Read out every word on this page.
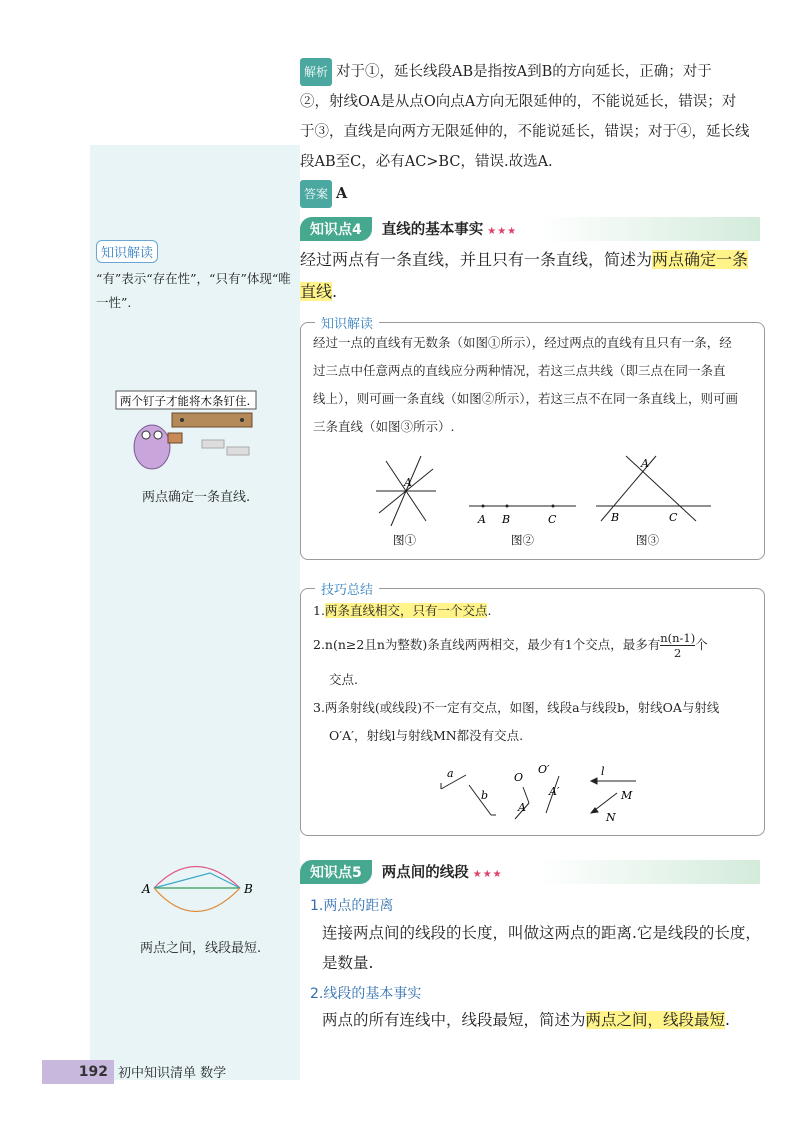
知识解读
“有”表示“存在性”，“只有”体现“唯一性”.
两个钉子才能将木条钉住.
两点确定一条直线.
A	B
两点之间，线段最短.
解析 对于①，延长线段AB是指按A到B的方向延长，正确；对于
②，射线OA是从点O向点A方向无限延伸的，不能说延长，错误；对
于③，直线是向两方无限延伸的，不能说延长，错误；对于④，延长线
段AB至C，必有AC>BC，错误.故选A.
答案 A
知识点4 直线的基本事实 ★★★
经过两点有一条直线，并且只有一条直线，简述为两点确定一条
直线.
知识解读
经过一点的直线有无数条（如图①所示），经过两点的直线有且只有一条，经
过三点中任意两点的直线应分两种情况，若这三点共线（即三点在同一条直
线上），则可画一条直线（如图②所示），若这三点不在同一条直线上，则可画
三条直线（如图③所示）.
A
图①
A B	C
图②
A
B	C
图③
技巧总结
1.两条直线相交，只有一个交点.
2.n(n≥2且n为整数)条直线两两相交，最少有1个交点，最多有 $\frac{n(n-1)}{2}$ 个
交点.
3.两条射线(或线段)不一定有交点，如图，线段a与线段b，射线OA与射线
O′A′，射线l与射线MN都没有交点.
a
b
O
A
O′
A′
l
M
N
知识点5 两点间的线段 ★★★
1.两点的距离
连接两点间的线段的长度，叫做这两点的距离.它是线段的长度，
是数量.
2.线段的基本事实
两点的所有连线中，线段最短，简述为两点之间，线段最短.
192 初中知识清单 数学
